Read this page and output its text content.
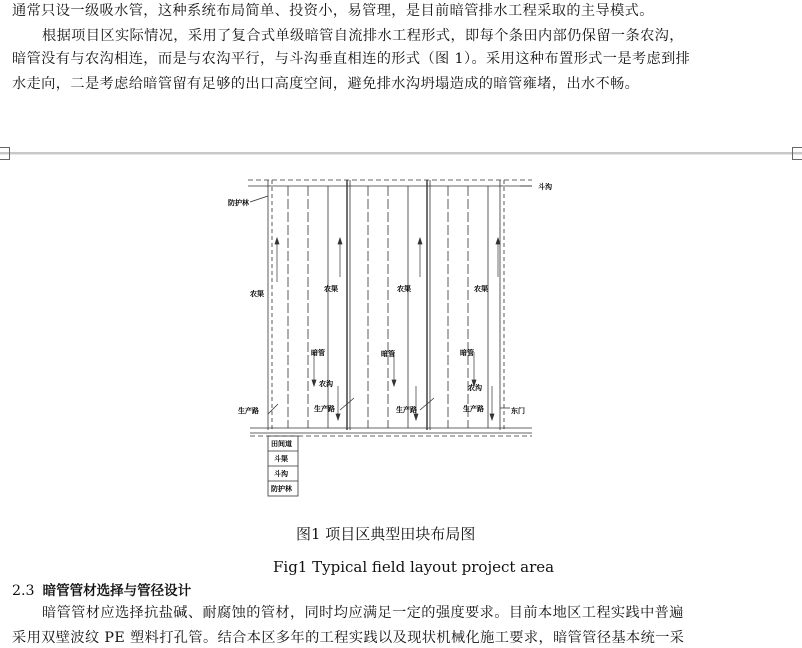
通常只设一级吸水管，这种系统布局简单、投资小，易管理，是目前暗管排水工程采取的主导模式。
根据项目区实际情况，采用了复合式单级暗管自流排水工程形式，即每个条田内部仍保留一条农沟，
暗管没有与农沟相连，而是与农沟平行，与斗沟垂直相连的形式（图 1）。采用这种布置形式一是考虑到排
水走向，二是考虑给暗管留有足够的出口高度空间，避免排水沟坍塌造成的暗管雍堵，出水不畅。
斗沟
防护林
农渠
农渠	农渠	农渠
暗管	暗管	暗管
农沟	农沟
生产路	生产路	生产路	生产路	东门
田间道
斗渠
斗沟
防护林
图1 项目区典型田块布局图
Fig1 Typical field layout project area
2.3 暗管管材选择与管径设计
暗管管材应选择抗盐碱、耐腐蚀的管材，同时均应满足一定的强度要求。目前本地区工程实践中普遍
采用双壁波纹 PE 塑料打孔管。结合本区多年的工程实践以及现状机械化施工要求，暗管管径基本统一采
